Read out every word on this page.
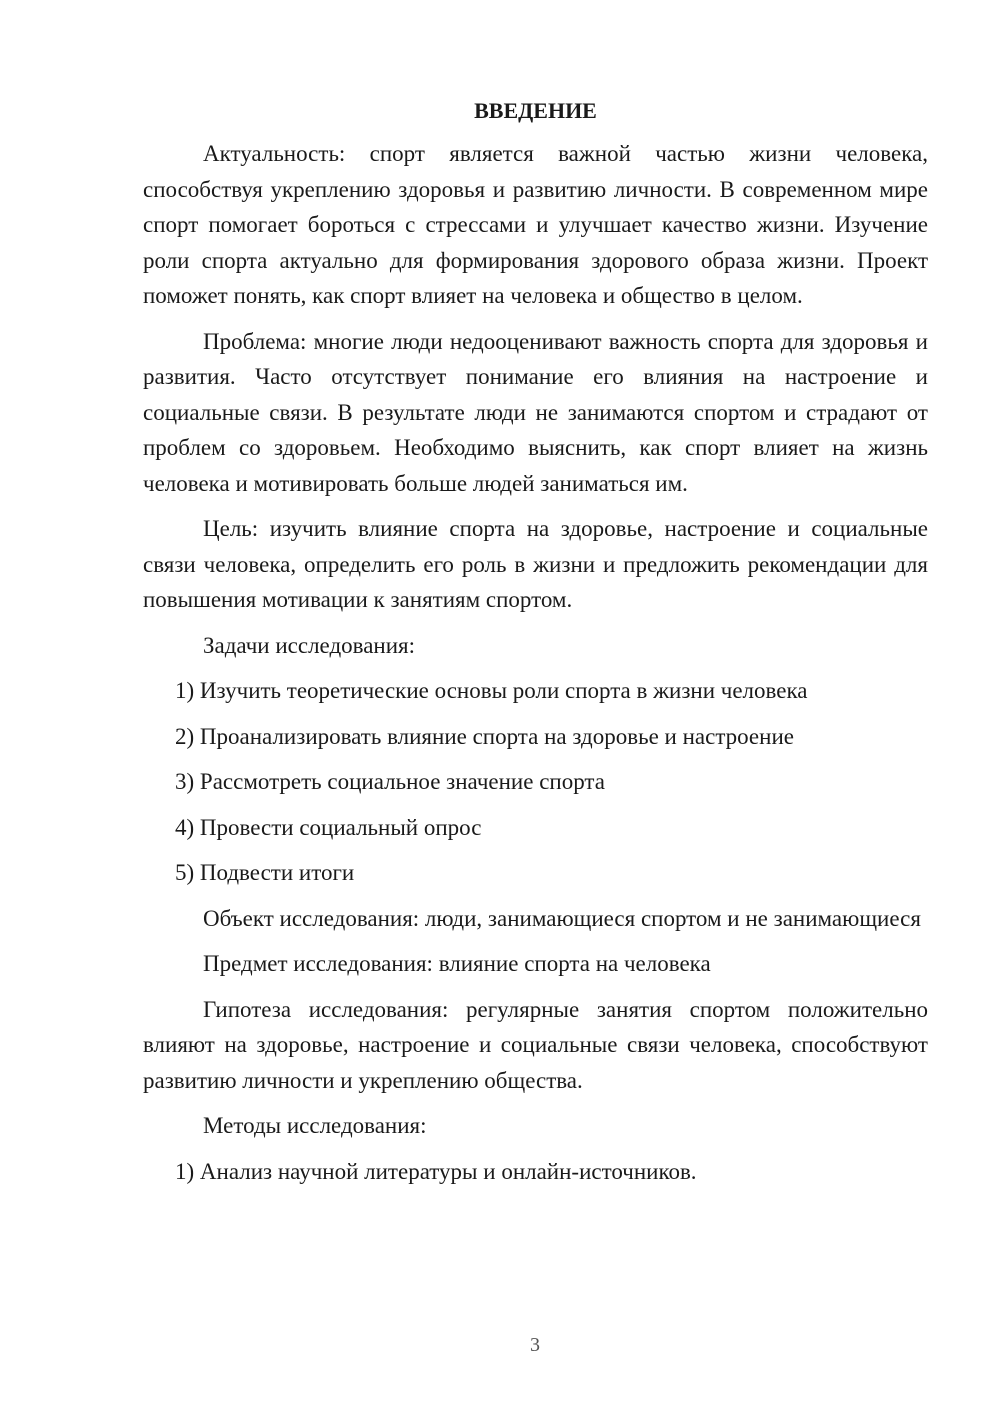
ВВЕДЕНИЕ
Актуальность: спорт является важной частью жизни человека, способствуя укреплению здоровья и развитию личности. В современном мире спорт помогает бороться с стрессами и улучшает качество жизни. Изучение роли спорта актуально для формирования здорового образа жизни. Проект поможет понять, как спорт влияет на человека и общество в целом.
Проблема: многие люди недооценивают важность спорта для здоровья и развития. Часто отсутствует понимание его влияния на настроение и социальные связи. В результате люди не занимаются спортом и страдают от проблем со здоровьем. Необходимо выяснить, как спорт влияет на жизнь человека и мотивировать больше людей заниматься им.
Цель: изучить влияние спорта на здоровье, настроение и социальные связи человека, определить его роль в жизни и предложить рекомендации для повышения мотивации к занятиям спортом.
Задачи исследования:
1) Изучить теоретические основы роли спорта в жизни человека
2) Проанализировать влияние спорта на здоровье и настроение
3) Рассмотреть социальное значение спорта
4) Провести социальный опрос
5) Подвести итоги
Объект исследования: люди, занимающиеся спортом и не занимающиеся
Предмет исследования: влияние спорта на человека
Гипотеза исследования: регулярные занятия спортом положительно влияют на здоровье, настроение и социальные связи человека, способствуют развитию личности и укреплению общества.
Методы исследования:
1) Анализ научной литературы и онлайн-источников.
3
